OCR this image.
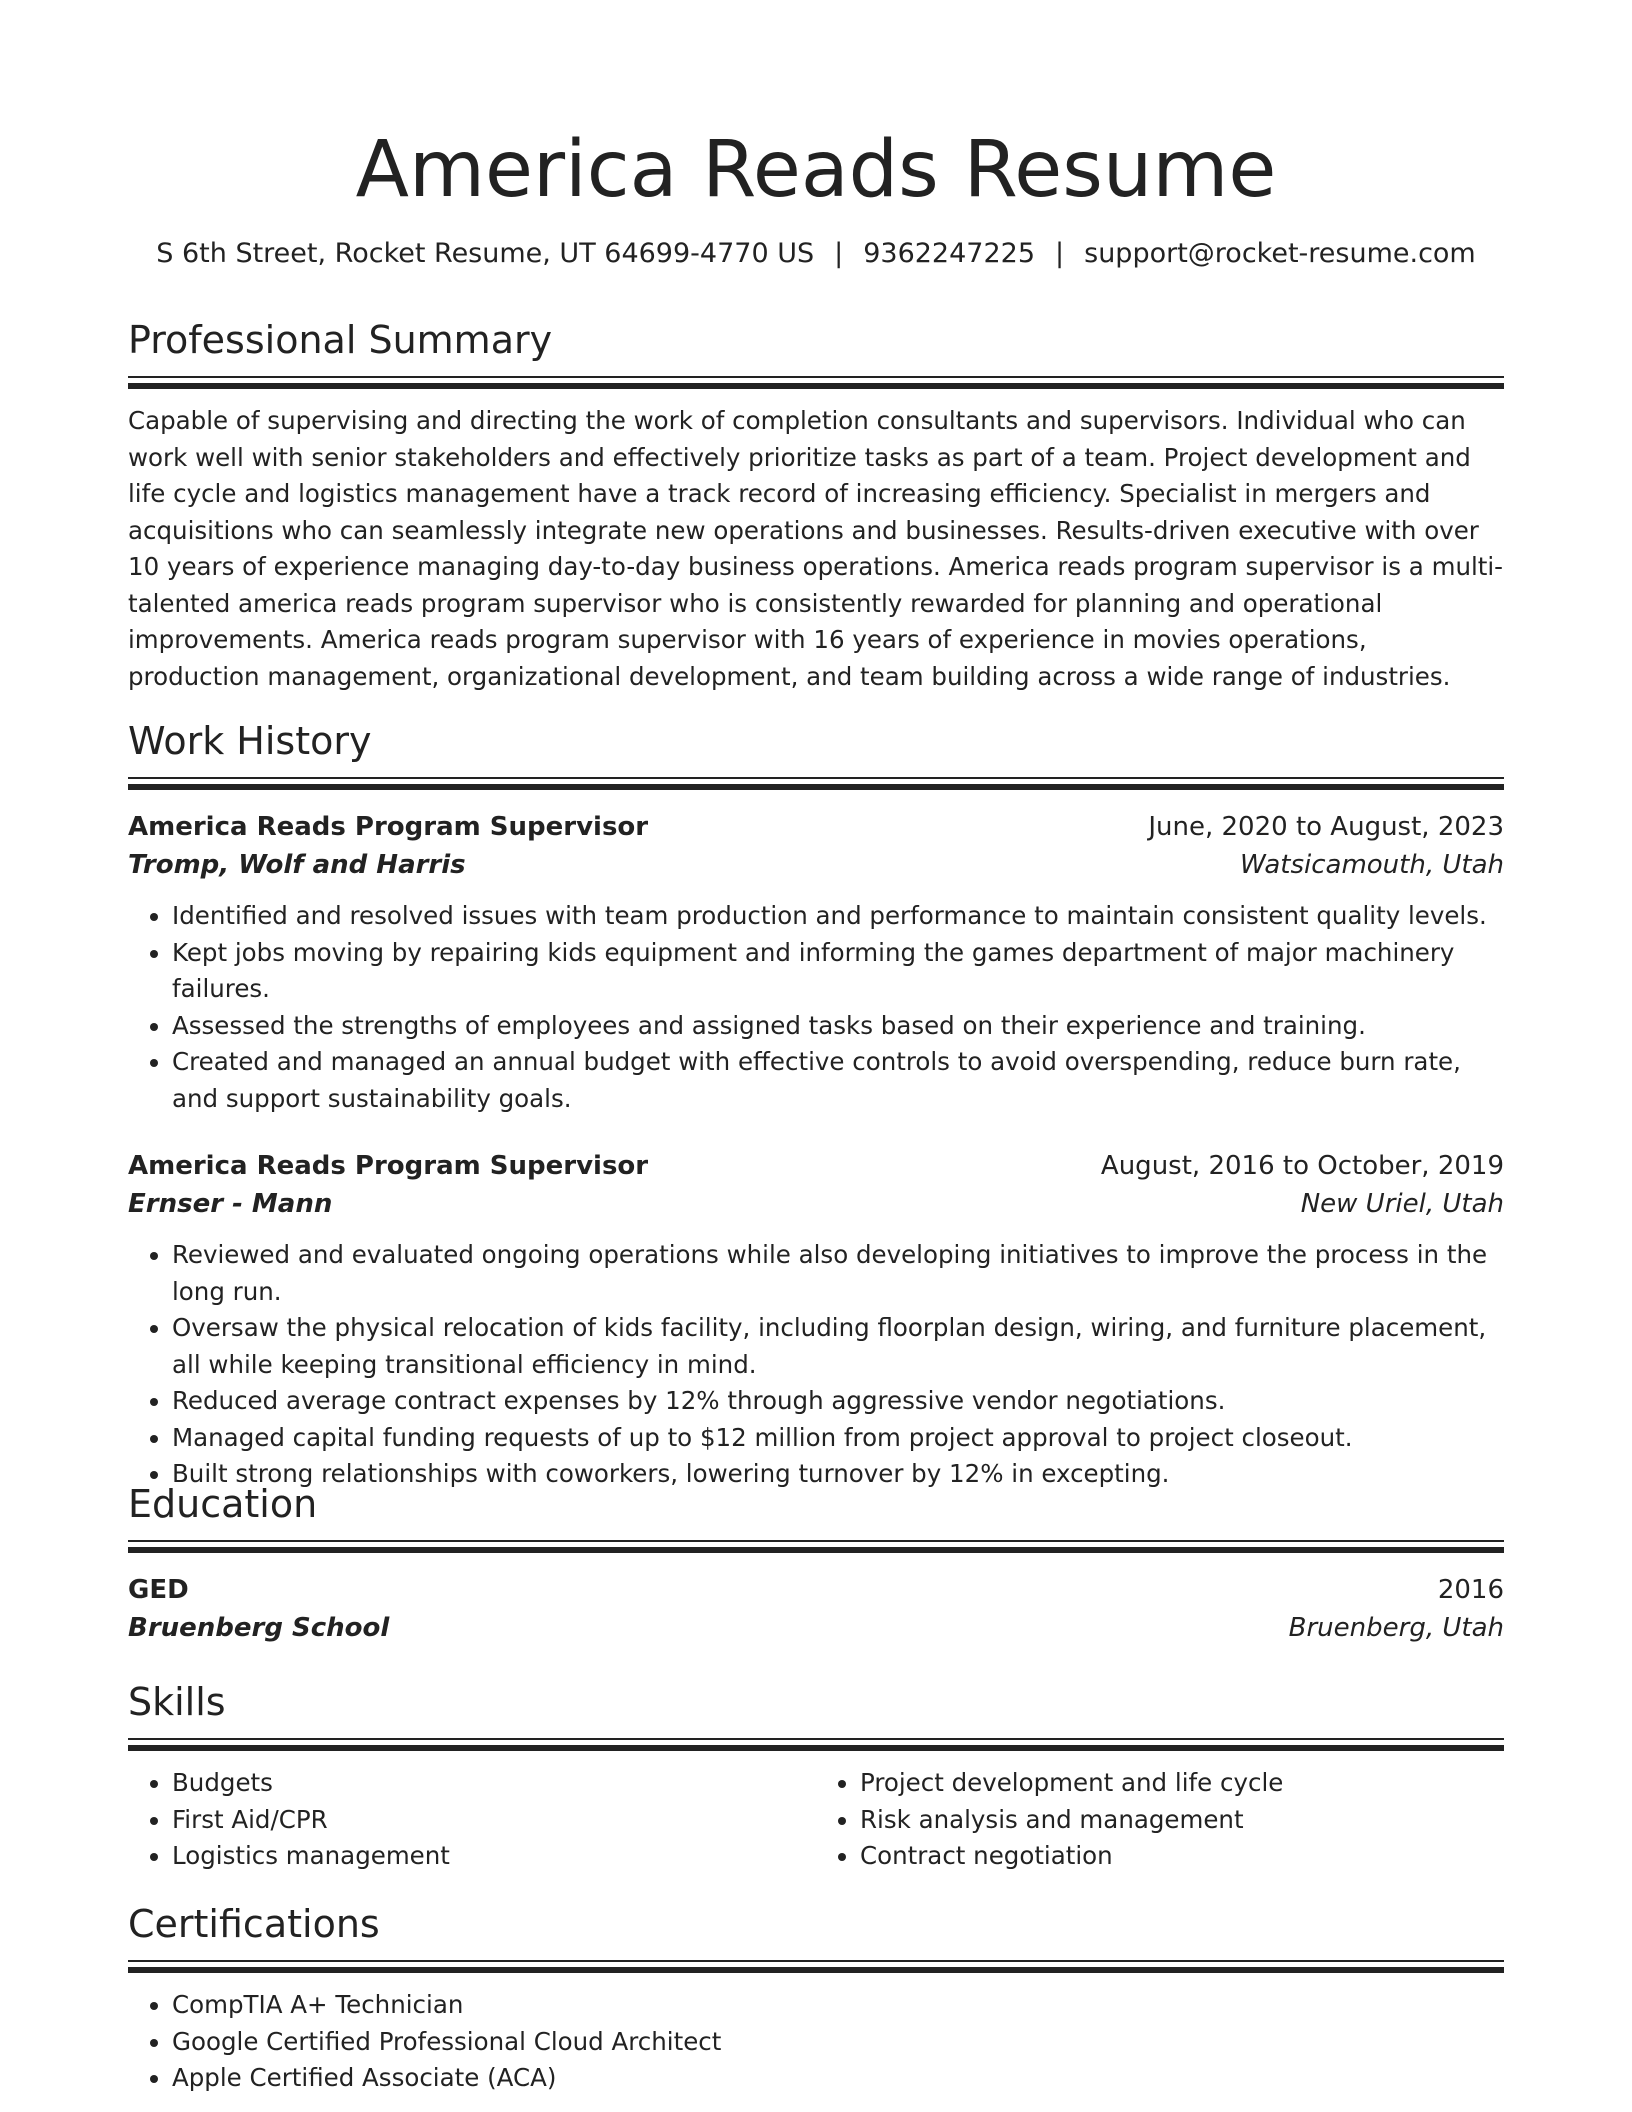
America Reads Resume
S 6th Street, Rocket Resume, UT 64699-4770 US | 9362247225 | support@rocket-resume.com
Professional Summary
Capable of supervising and directing the work of completion consultants and supervisors. Individual who can work well with senior stakeholders and effectively prioritize tasks as part of a team. Project development and life cycle and logistics management have a track record of increasing efficiency. Specialist in mergers and acquisitions who can seamlessly integrate new operations and businesses. Results-driven executive with over 10 years of experience managing day-to-day business operations. America reads program supervisor is a multi-talented america reads program supervisor who is consistently rewarded for planning and operational improvements. America reads program supervisor with 16 years of experience in movies operations, production management, organizational development, and team building across a wide range of industries.
Work History
America Reads Program Supervisor	June, 2020 to August, 2023
Tromp, Wolf and Harris	Watsicamouth, Utah
• Identified and resolved issues with team production and performance to maintain consistent quality levels.
• Kept jobs moving by repairing kids equipment and informing the games department of major machinery failures.
• Assessed the strengths of employees and assigned tasks based on their experience and training.
• Created and managed an annual budget with effective controls to avoid overspending, reduce burn rate, and support sustainability goals.
America Reads Program Supervisor	August, 2016 to October, 2019
Ernser - Mann	New Uriel, Utah
• Reviewed and evaluated ongoing operations while also developing initiatives to improve the process in the long run.
• Oversaw the physical relocation of kids facility, including floorplan design, wiring, and furniture placement, all while keeping transitional efficiency in mind.
• Reduced average contract expenses by 12% through aggressive vendor negotiations.
• Managed capital funding requests of up to $12 million from project approval to project closeout.
• Built strong relationships with coworkers, lowering turnover by 12% in excepting.
Education
GED	2016
Bruenberg School	Bruenberg, Utah
Skills
• Budgets
• First Aid/CPR
• Logistics management
• Project development and life cycle
• Risk analysis and management
• Contract negotiation
Certifications
• CompTIA A+ Technician
• Google Certified Professional Cloud Architect
• Apple Certified Associate (ACA)
